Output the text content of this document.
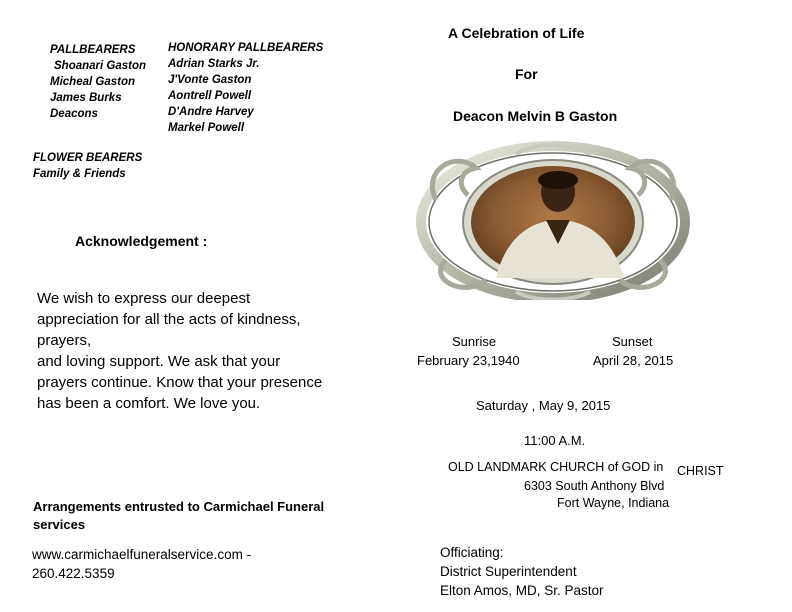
PALLBEARERS
Shoanari Gaston
Micheal Gaston
James Burks
Deacons
HONORARY PALLBEARERS
Adrian Starks Jr.
J'Vonte Gaston
Aontrell Powell
D'Andre Harvey
Markel Powell
FLOWER BEARERS
Family & Friends
Acknowledgement :
We wish to express our deepest
appreciation for all the acts of kindness,
prayers,
and loving support. We ask that your
prayers continue. Know that your presence
has been a comfort. We love you.
Arrangements entrusted to Carmichael Funeral
services
www.carmichaelfuneralservice.com -
260.422.5359
A Celebration of Life
For
Deacon Melvin B Gaston
Sunrise
February 23,1940
Sunset
April 28, 2015
Saturday , May 9, 2015
11:00 A.M.
OLD LANDMARK CHURCH of GOD in CHRIST
6303 South Anthony Blvd
Fort Wayne, Indiana
Officiating:
District Superintendent
Elton Amos, MD, Sr. Pastor
